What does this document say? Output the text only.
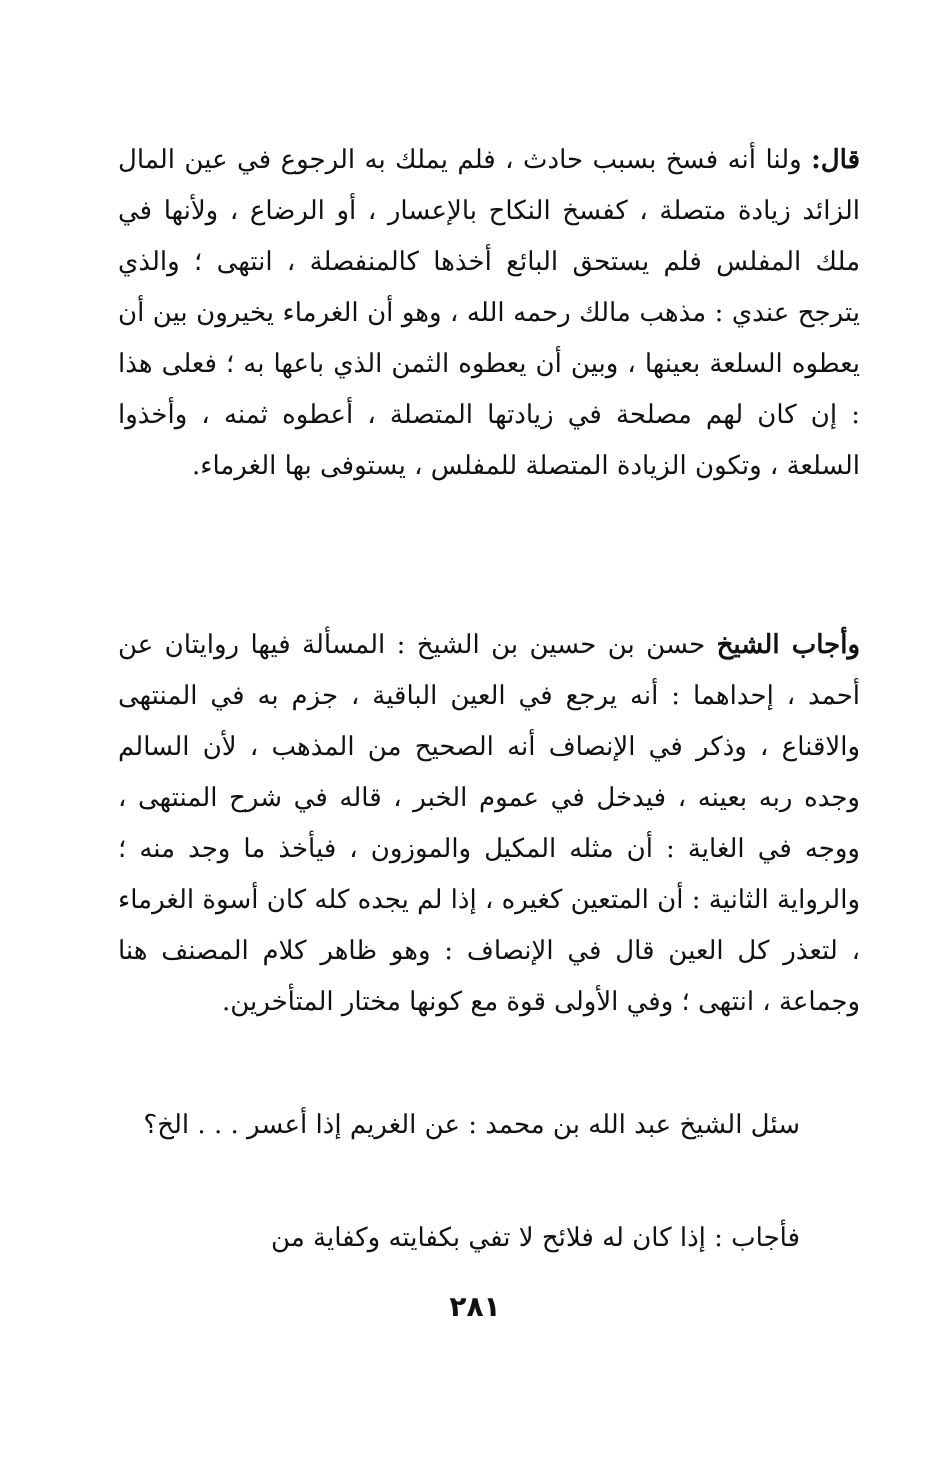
قال: ولنا أنه فسخ بسبب حادث ، فلم يملك به الرجوع في عين المال الزائد زيادة متصلة ، كفسخ النكاح بالإعسار ، أو الرضاع ، ولأنها في ملك المفلس فلم يستحق البائع أخذها كالمنفصلة ، انتهى ؛ والذي يترجح عندي : مذهب مالك رحمه الله ، وهو أن الغرماء يخيرون بين أن يعطوه السلعة بعينها ، وبين أن يعطوه الثمن الذي باعها به ؛ فعلى هذا : إن كان لهم مصلحة في زيادتها المتصلة ، أعطوه ثمنه ، وأخذوا السلعة ، وتكون الزيادة المتصلة للمفلس ، يستوفى بها الغرماء.

وأجاب الشيخ حسن بن حسين بن الشيخ : المسألة فيها روايتان عن أحمد ، إحداهما : أنه يرجع في العين الباقية ، جزم به في المنتهى والاقناع ، وذكر في الإنصاف أنه الصحيح من المذهب ، لأن السالم وجده ربه بعينه ، فيدخل في عموم الخبر ، قاله في شرح المنتهى ، ووجه في الغاية : أن مثله المكيل والموزون ، فيأخذ ما وجد منه ؛ والرواية الثانية : أن المتعين كغيره ، إذا لم يجده كله كان أسوة الغرماء ، لتعذر كل العين قال في الإنصاف : وهو ظاهر كلام المصنف هنا وجماعة ، انتهى ؛ وفي الأولى قوة مع كونها مختار المتأخرين.

سئل الشيخ عبد الله بن محمد : عن الغريم إذا أعسر . . . الخ؟

فأجاب : إذا كان له فلائح لا تفي بكفايته وكفاية من

٢٨١
